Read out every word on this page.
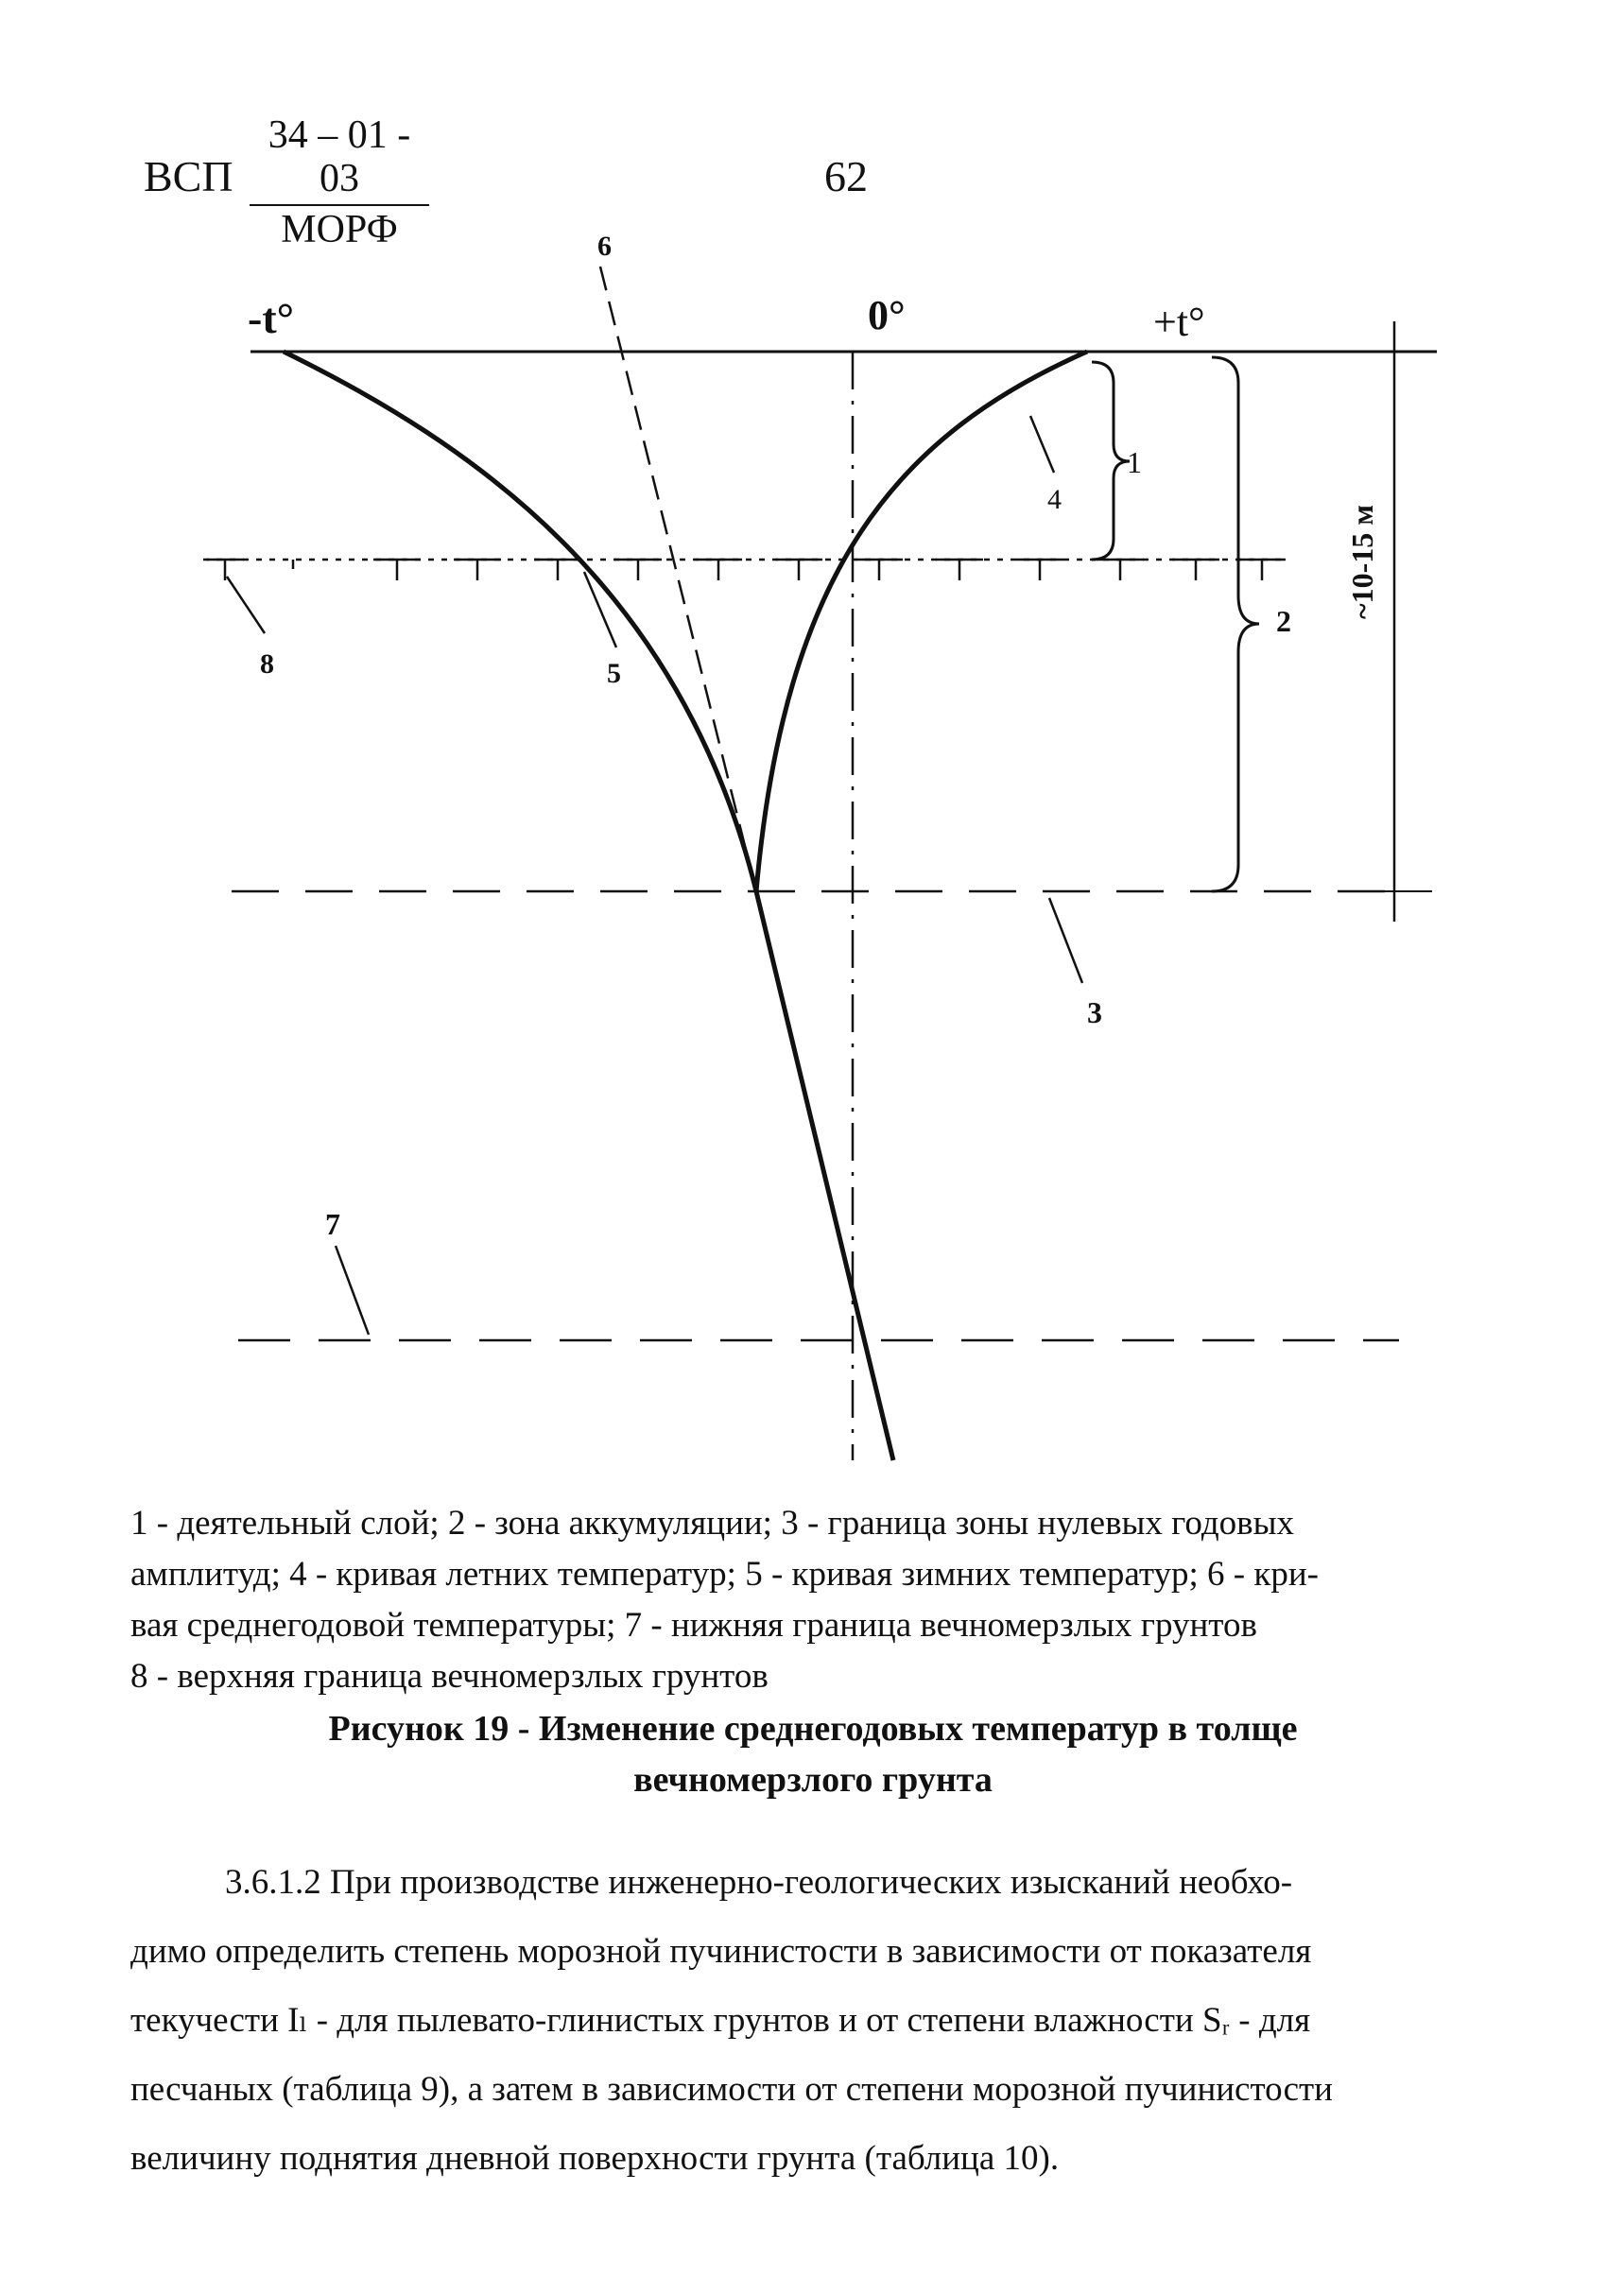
ВСП
34 – 01 - 03
МОРФ
62
-t°	0°	+t°
6
1
4
2
8	5
3
7
~10-15 м
1 - деятельный слой; 2 - зона аккумуляции; 3 - граница зоны нулевых годовых
амплитуд; 4 - кривая летних температур; 5 - кривая зимних температур; 6 - кри-
вая среднегодовой температуры; 7 - нижняя граница вечномерзлых грунтов
8 - верхняя граница вечномерзлых грунтов
Рисунок 19 - Изменение среднегодовых температур в толще
вечномерзлого грунта
3.6.1.2 При производстве инженерно-геологических изысканий необхо-
димо определить степень морозной пучинистости в зависимости от показателя
текучести Iₗ - для пылевато-глинистых грунтов и от степени влажности Sᵣ - для
песчаных (таблица 9), а затем в зависимости от степени морозной пучинистости
величину поднятия дневной поверхности грунта (таблица 10).
